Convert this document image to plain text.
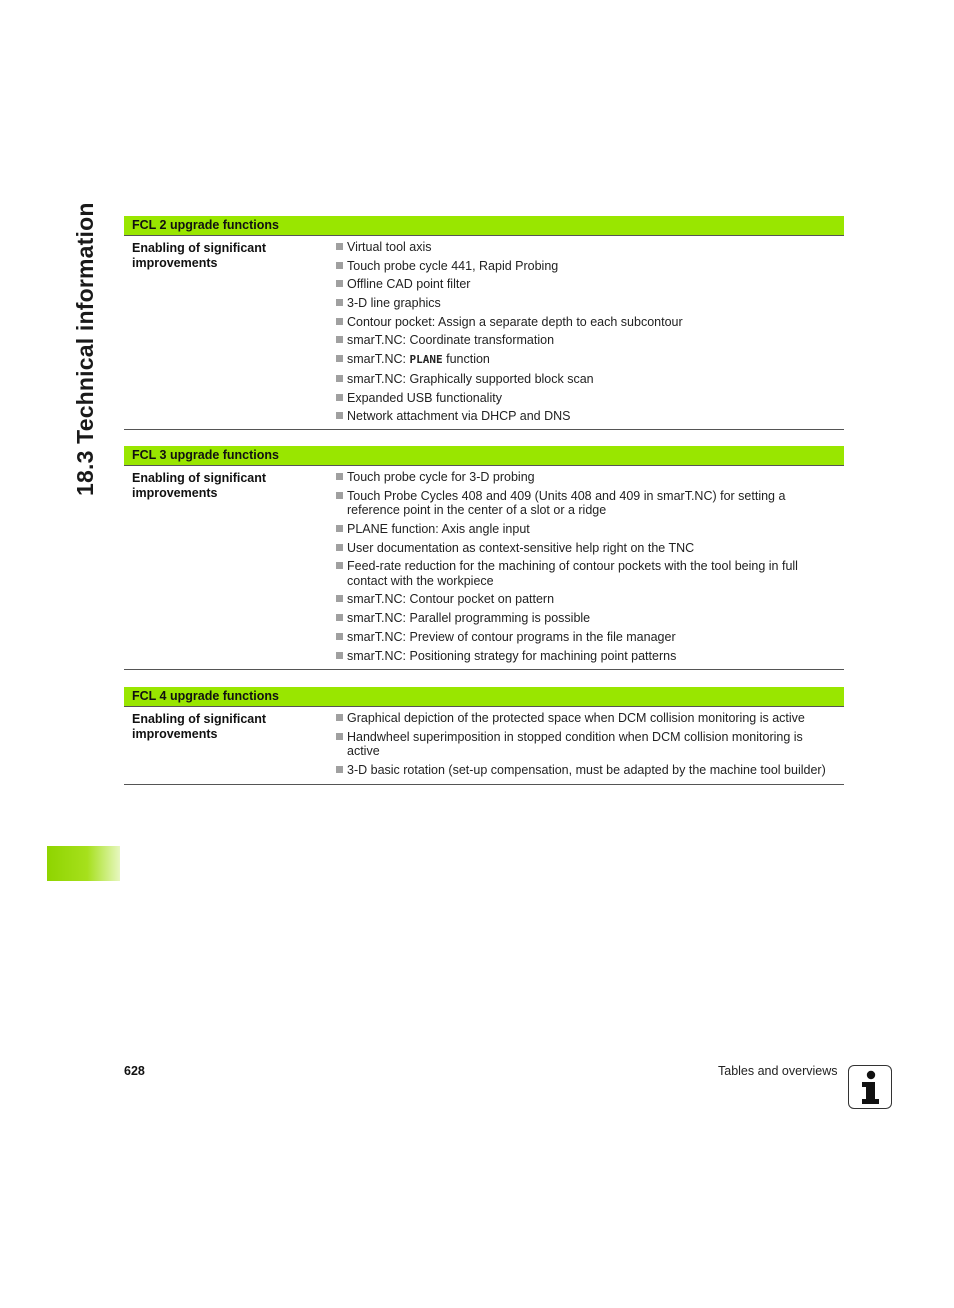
18.3 Technical information	FCL 2 upgrade functions
Enabling of significant improvements
Virtual tool axis
Touch probe cycle 441, Rapid Probing
Offline CAD point filter
3-D line graphics
Contour pocket: Assign a separate depth to each subcontour
smarT.NC: Coordinate transformation
smarT.NC: PLANE function
smarT.NC: Graphically supported block scan
Expanded USB functionality
Network attachment via DHCP and DNS
FCL 3 upgrade functions
Enabling of significant improvements
Touch probe cycle for 3-D probing
Touch Probe Cycles 408 and 409 (Units 408 and 409 in smarT.NC) for setting a reference point in the center of a slot or a ridge
PLANE function: Axis angle input
User documentation as context-sensitive help right on the TNC
Feed-rate reduction for the machining of contour pockets with the tool being in full contact with the workpiece
smarT.NC: Contour pocket on pattern
smarT.NC: Parallel programming is possible
smarT.NC: Preview of contour programs in the file manager
smarT.NC: Positioning strategy for machining point patterns
FCL 4 upgrade functions
Enabling of significant improvements
Graphical depiction of the protected space when DCM collision monitoring is active
Handwheel superimposition in stopped condition when DCM collision monitoring is active
3-D basic rotation (set-up compensation, must be adapted by the machine tool builder)
628	Tables and overviews
